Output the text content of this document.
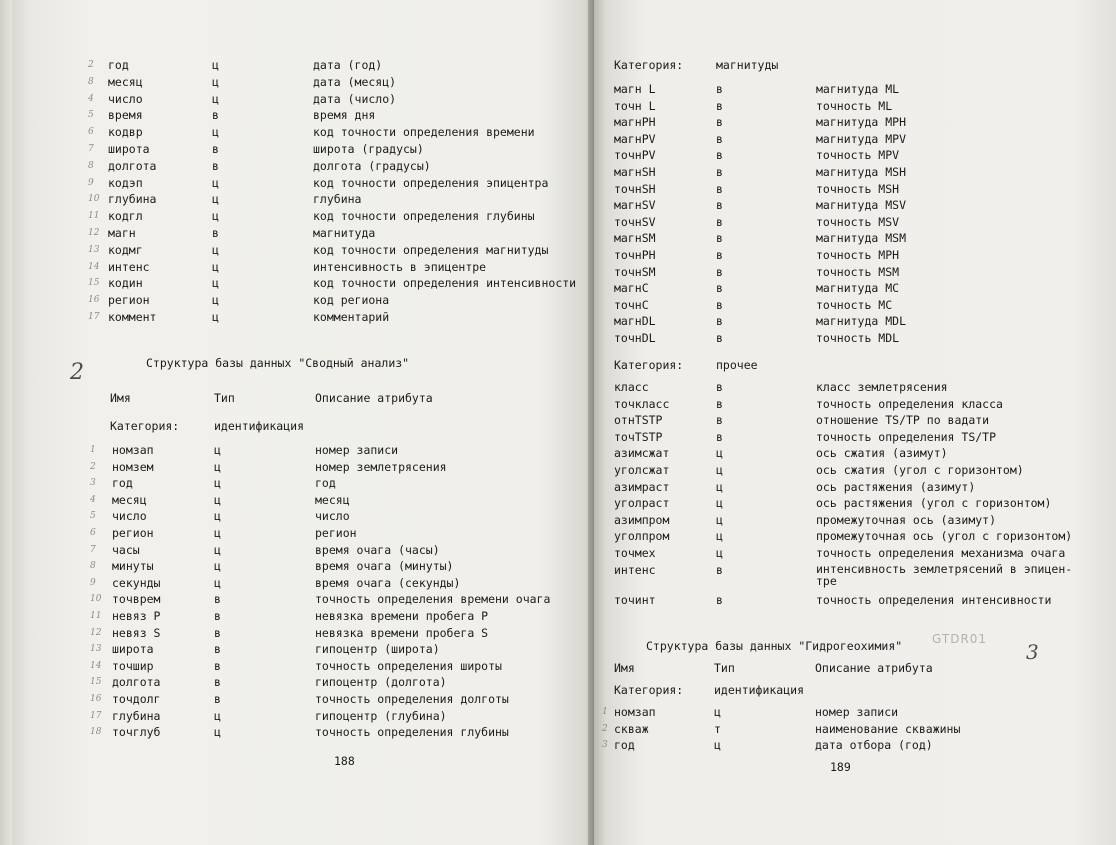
2	Структура базы данных "Сводный анализ"
Имя	Тип	Описание атрибута
Категория:	идентификация
188
2 год	ц	дата (год)
8 месяц	ц	дата (месяц)
4 число	ц	дата (число)
5 время	в	время дня
6 кодвр	ц	код точности определения времени
7 широта	в	широта (градусы)
8 долгота	в	долгота (градусы)
9 кодэп	ц	код точности определения эпицентра
10 глубина	ц	глубина
11 кодгл	ц	код точности определения глубины
12 магн	в	магнитуда
13 кодмг	ц	код точности определения магнитуды
14 интенс	ц	интенсивность в эпицентре
15 кодин	ц	код точности определения интенсивности
16 регион	ц	код региона
17 коммент	ц	комментарий
1 номзап	ц	номер записи
2 номзем	ц	номер землетрясения
3 год	ц	год
4 месяц	ц	месяц
5 число	ц	число
6 регион	ц	регион
7 часы	ц	время очага (часы)
8 минуты	ц	время очага (минуты)
9 секунды	ц	время очага (секунды)
10 точврем	в	точность определения времени очага
11 невяз P	в	невязка времени пробега P
12 невяз S	в	невязка времени пробега S
13 широта	в	гипоцентр (широта)
14 точшир	в	точность определения широты
15 долгота	в	гипоцентр (долгота)
16 точдолг	в	точность определения долготы
17 глубина	ц	гипоцентр (глубина)
18 точглуб	ц	точность определения глубины
Категория:	магнитуды
Категория:	прочее
Структура базы данных "Гидрогеохимия" GTDR01
3
Имя	Тип	Описание атрибута
Категория:	идентификация
189
магн L	в	магнитуда ML
точн L	в	точность ML
магнPH	в	магнитуда MPH
магнPV	в	магнитуда MPV
точнPV	в	точность MPV
магнSH	в	магнитуда MSH
точнSH	в	точность MSH
магнSV	в	магнитуда MSV
точнSV	в	точность MSV
магнSM	в	магнитуда MSM
точнPH	в	точность MPH
точнSM	в	точность MSM
магнС	в	магнитуда MC
точнС	в	точность MC
магнDL	в	магнитуда MDL
точнDL	в	точность MDL
класс	в	класс землетрясения
точкласс	в	точность определения класса
отнTSTP	в	отношение TS/TP по вадати
точTSTP	в	точность определения TS/TP
азимсжат	ц	ось сжатия (азимут)
уголсжат	ц	ось сжатия (угол с горизонтом)
азимраст	ц	ось растяжения (азимут)
уголраст	ц	ось растяжения (угол с горизонтом)
азимпром	ц	промежуточная ось (азимут)
уголпром	ц	промежуточная ось (угол с горизонтом)
точмех	ц	точность определения механизма очага
интенс	в	интенсивность землетрясений в эпицен-тре
точинт	в	точность определения интенсивности
1 номзап	ц	номер записи
2 скваж	т	наименование скважины
3 год	ц	дата отбора (год)
